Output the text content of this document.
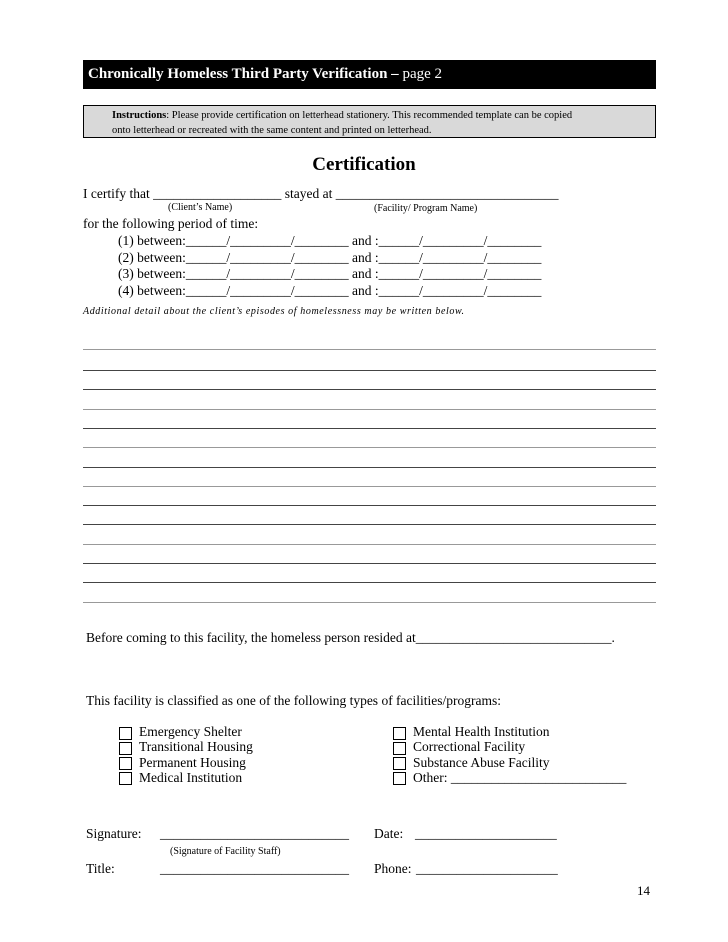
Chronically Homeless Third Party Verification – page 2
Instructions: Please provide certification on letterhead stationery. This recommended template can be copied
onto letterhead or recreated with the same content and printed on letterhead.
Certification
I certify that ___________________ stayed at _________________________________
(Client’s Name)	(Facility/ Program Name)
for the following period of time:
(1) between:______/_________/________ and :______/_________/________
(2) between:______/_________/________ and :______/_________/________
(3) between:______/_________/________ and :______/_________/________
(4) between:______/_________/________ and :______/_________/________
Additional detail about the client’s episodes of homelessness may be written below.
Before coming to this facility, the homeless person resided at_____________________________.
This facility is classified as one of the following types of facilities/programs:
Emergency Shelter
Transitional Housing
Permanent Housing
Medical Institution
Mental Health Institution
Correctional Facility
Substance Abuse Facility
Other: __________________________
Signature: ____________________________
(Signature of Facility Staff)
Date: _____________________
Title:	____________________________ Phone: _____________________
14
